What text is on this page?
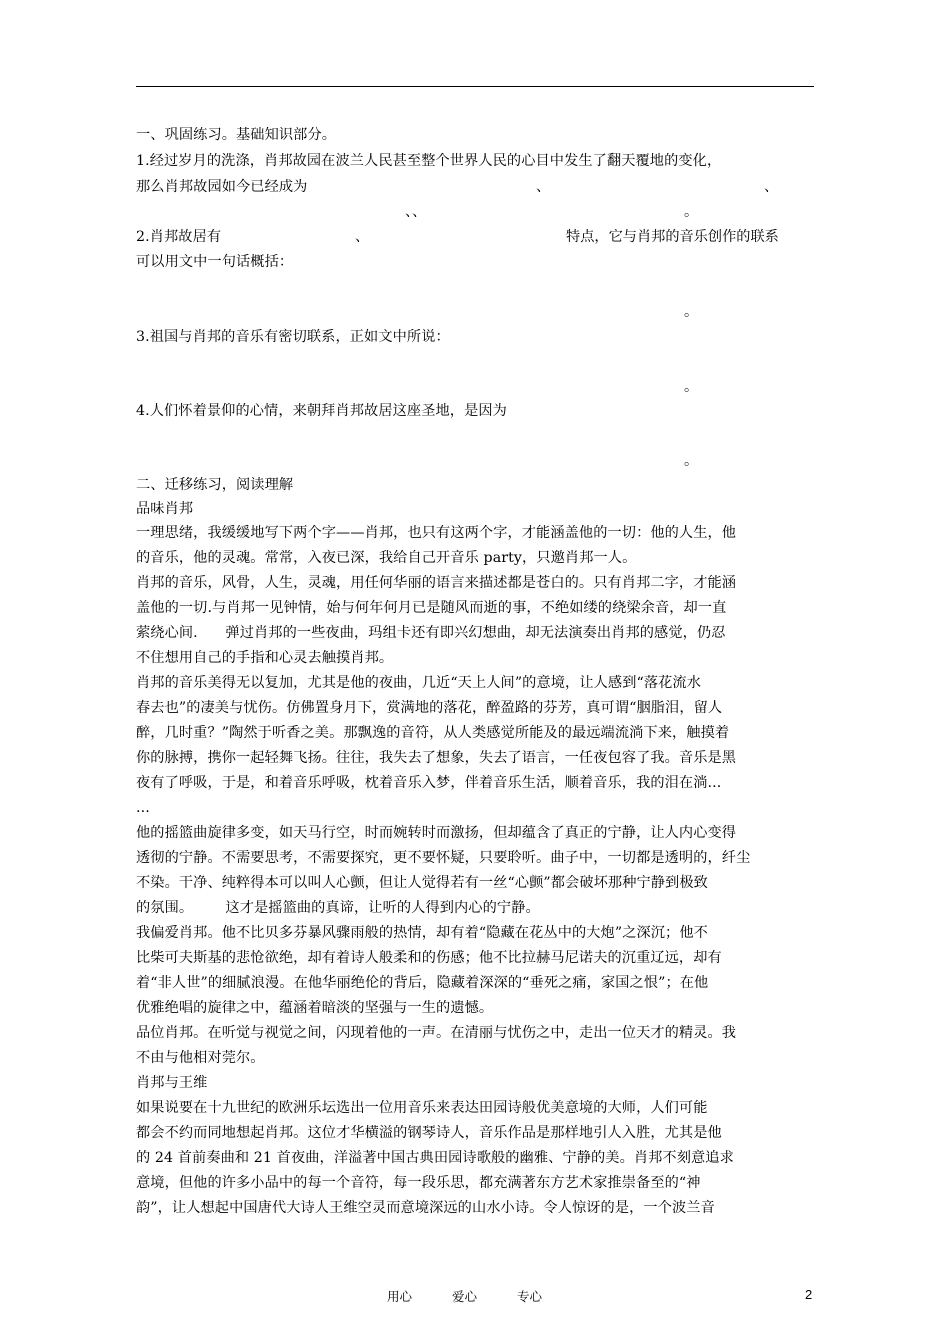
一、巩固练习。基础知识部分。
1.经过岁月的洗涤，肖邦故园在波兰人民甚至整个世界人民的心目中发生了翻天覆地的变化，
那么肖邦故园如今已经成为	、	、
、、	。
2.肖邦故居有	、	特点，它与肖邦的音乐创作的联系
可以用文中一句话概括：
。
3.祖国与肖邦的音乐有密切联系，正如文中所说：
。
4.人们怀着景仰的心情，来朝拜肖邦故居这座圣地，是因为
。
二、迁移练习，阅读理解
品味肖邦
一理思绪，我缓缓地写下两个字——肖邦，也只有这两个字，才能涵盖他的一切：他的人生，他
的音乐，他的灵魂。常常，入夜已深，我给自己开音乐 party，只邀肖邦一人。
肖邦的音乐，风骨，人生，灵魂，用任何华丽的语言来描述都是苍白的。只有肖邦二字，才能涵
盖他的一切.与肖邦一见钟情，始与何年何月已是随风而逝的事，不绝如缕的绕梁余音，却一直
萦绕心间.      弹过肖邦的一些夜曲，玛组卡还有即兴幻想曲，却无法演奏出肖邦的感觉，仍忍
不住想用自己的手指和心灵去触摸肖邦。
肖邦的音乐美得无以复加，尤其是他的夜曲，几近“天上人间”的意境，让人感到“落花流水
春去也”的凄美与忧伤。仿佛置身月下，赏满地的落花，醉盈路的芬芳，真可谓“胭脂泪，留人
醉，几时重？”陶然于听香之美。那飘逸的音符，从人类感觉所能及的最远端流淌下来，触摸着
你的脉搏，携你一起轻舞飞扬。往往，我失去了想象，失去了语言，一任夜包容了我。音乐是黑
夜有了呼吸，于是，和着音乐呼吸，枕着音乐入梦，伴着音乐生活，顺着音乐，我的泪在淌...
...
他的摇篮曲旋律多变，如天马行空，时而婉转时而激扬，但却蕴含了真正的宁静，让人内心变得
透彻的宁静。不需要思考，不需要探究，更不要怀疑，只要聆听。曲子中，一切都是透明的，纤尘
不染。干净、纯粹得本可以叫人心颤，但让人觉得若有一丝“心颤”都会破坏那种宁静到极致
的氛围。       这才是摇篮曲的真谛，让听的人得到内心的宁静。
我偏爱肖邦。他不比贝多芬暴风骤雨般的热情，却有着“隐藏在花丛中的大炮”之深沉；他不
比柴可夫斯基的悲怆欲绝，却有着诗人般柔和的伤感；他不比拉赫马尼诺夫的沉重辽远，却有
着“非人世”的细腻浪漫。在他华丽绝伦的背后，隐藏着深深的“垂死之痛，家国之恨”；在他
优雅绝唱的旋律之中，蕴涵着暗淡的坚强与一生的遗憾。
品位肖邦。在听觉与视觉之间，闪现着他的一声。在清丽与忧伤之中，走出一位天才的精灵。我
不由与他相对莞尔。
肖邦与王维
如果说要在十九世纪的欧洲乐坛选出一位用音乐来表达田园诗般优美意境的大师，人们可能
都会不约而同地想起肖邦。这位才华横溢的钢琴诗人，音乐作品是那样地引人入胜，尤其是他
的 24 首前奏曲和 21 首夜曲，洋溢著中国古典田园诗歌般的幽雅、宁静的美。肖邦不刻意追求
意境，但他的许多小品中的每一个音符，每一段乐思，都充满著东方艺术家推崇备至的“神
韵”，让人想起中国唐代大诗人王维空灵而意境深远的山水小诗。令人惊讶的是，一个波兰音
用心	爱心	专心	2
